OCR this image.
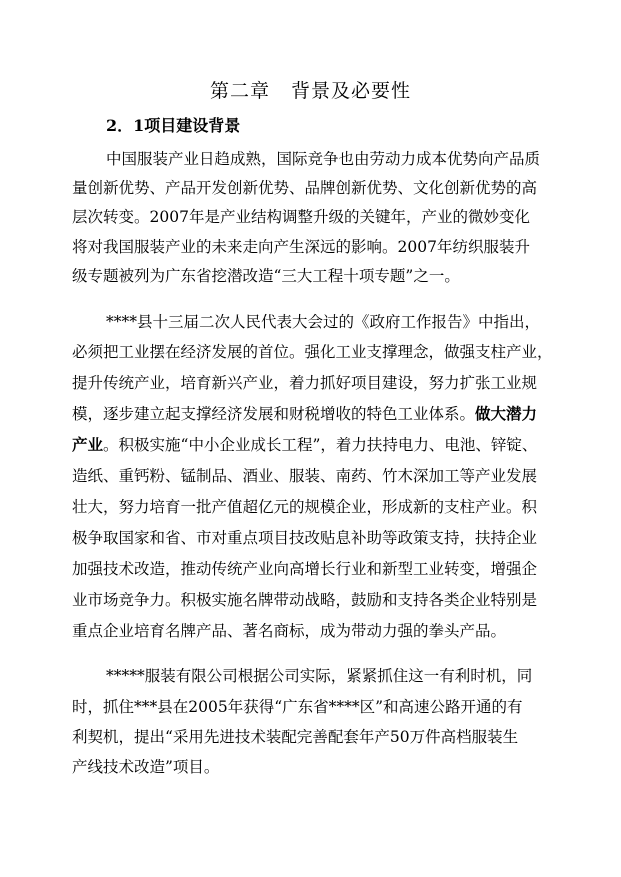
第二章   背景及必要性
2．1项目建设背景
中国服装产业日趋成熟，国际竞争也由劳动力成本优势向产品质
量创新优势、产品开发创新优势、品牌创新优势、文化创新优势的高
层次转变。2007年是产业结构调整升级的关键年，产业的微妙变化
将对我国服装产业的未来走向产生深远的影响。2007年纺织服装升
级专题被列为广东省挖潜改造“三大工程十项专题”之一。
****县十三届二次人民代表大会过的《政府工作报告》中指出，
必须把工业摆在经济发展的首位。强化工业支撑理念，做强支柱产业，
提升传统产业，培育新兴产业，着力抓好项目建设，努力扩张工业规
模，逐步建立起支撑经济发展和财税增收的特色工业体系。做大潜力
产业。积极实施“中小企业成长工程”，着力扶持电力、电池、锌锭、
造纸、重钙粉、锰制品、酒业、服装、南药、竹木深加工等产业发展
壮大，努力培育一批产值超亿元的规模企业，形成新的支柱产业。积
极争取国家和省、市对重点项目技改贴息补助等政策支持，扶持企业
加强技术改造，推动传统产业向高增长行业和新型工业转变，增强企
业市场竞争力。积极实施名牌带动战略，鼓励和支持各类企业特别是
重点企业培育名牌产品、著名商标，成为带动力强的拳头产品。
*****服装有限公司根据公司实际，紧紧抓住这一有利时机，同
时，抓住***县在2005年获得“广东省****区”和高速公路开通的有
利契机，提出“采用先进技术装配完善配套年产50万件高档服装生
产线技术改造”项目。
